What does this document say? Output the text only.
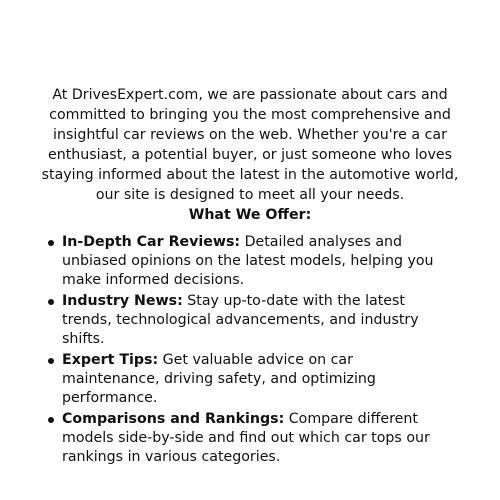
At DrivesExpert.com, we are passionate about cars and committed to bringing you the most comprehensive and insightful car reviews on the web. Whether you're a car enthusiast, a potential buyer, or just someone who loves staying informed about the latest in the automotive world, our site is designed to meet all your needs.

What We Offer:
In-Depth Car Reviews: Detailed analyses and unbiased opinions on the latest models, helping you make informed decisions.
Industry News: Stay up-to-date with the latest trends, technological advancements, and industry shifts.
Expert Tips: Get valuable advice on car maintenance, driving safety, and optimizing performance.
Comparisons and Rankings: Compare different models side-by-side and find out which car tops our rankings in various categories.
